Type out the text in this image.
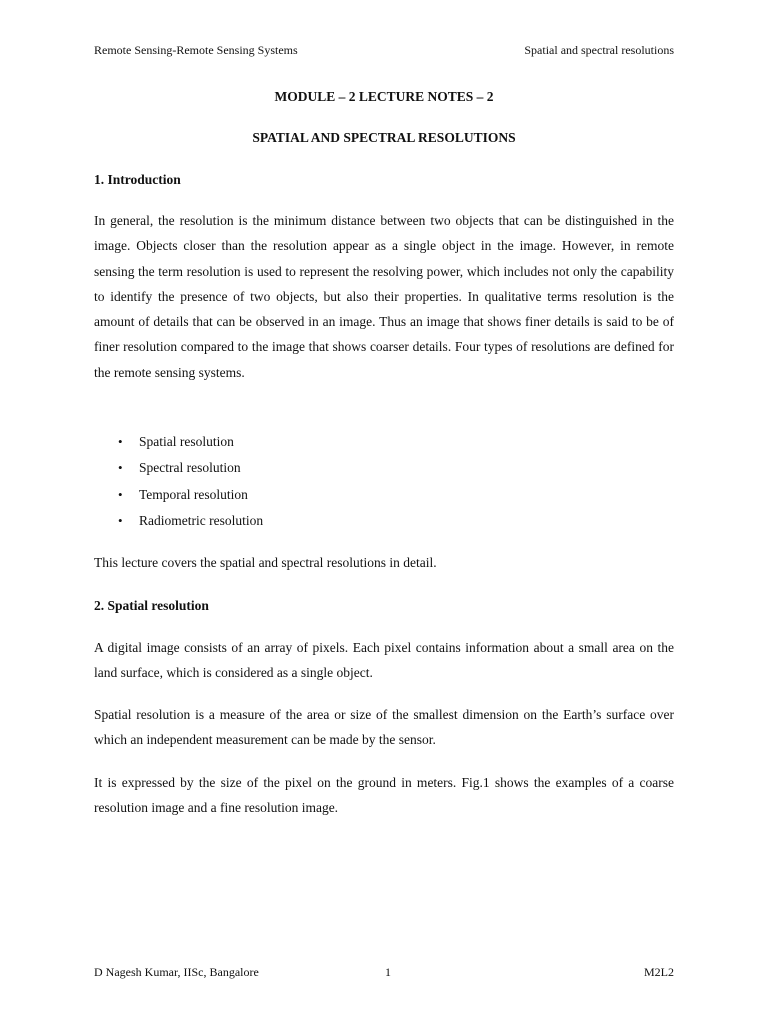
Remote Sensing-Remote Sensing Systems	Spatial and spectral resolutions
MODULE – 2 LECTURE NOTES – 2
SPATIAL AND SPECTRAL RESOLUTIONS
1. Introduction

In general, the resolution is the minimum distance between two objects that can be distinguished in the image. Objects closer than the resolution appear as a single object in the image. However, in remote sensing the term resolution is used to represent the resolving power, which includes not only the capability to identify the presence of two objects, but also their properties. In qualitative terms resolution is the amount of details that can be observed in an image. Thus an image that shows finer details is said to be of finer resolution compared to the image that shows coarser details. Four types of resolutions are defined for the remote sensing systems.

• Spatial resolution
• Spectral resolution
• Temporal resolution
• Radiometric resolution

This lecture covers the spatial and spectral resolutions in detail.

2. Spatial resolution

A digital image consists of an array of pixels. Each pixel contains information about a small area on the land surface, which is considered as a single object.

Spatial resolution is a measure of the area or size of the smallest dimension on the Earth’s surface over which an independent measurement can be made by the sensor.

It is expressed by the size of the pixel on the ground in meters. Fig.1 shows the examples of a coarse resolution image and a fine resolution image.

D Nagesh Kumar, IISc, Bangalore	1	M2L2
